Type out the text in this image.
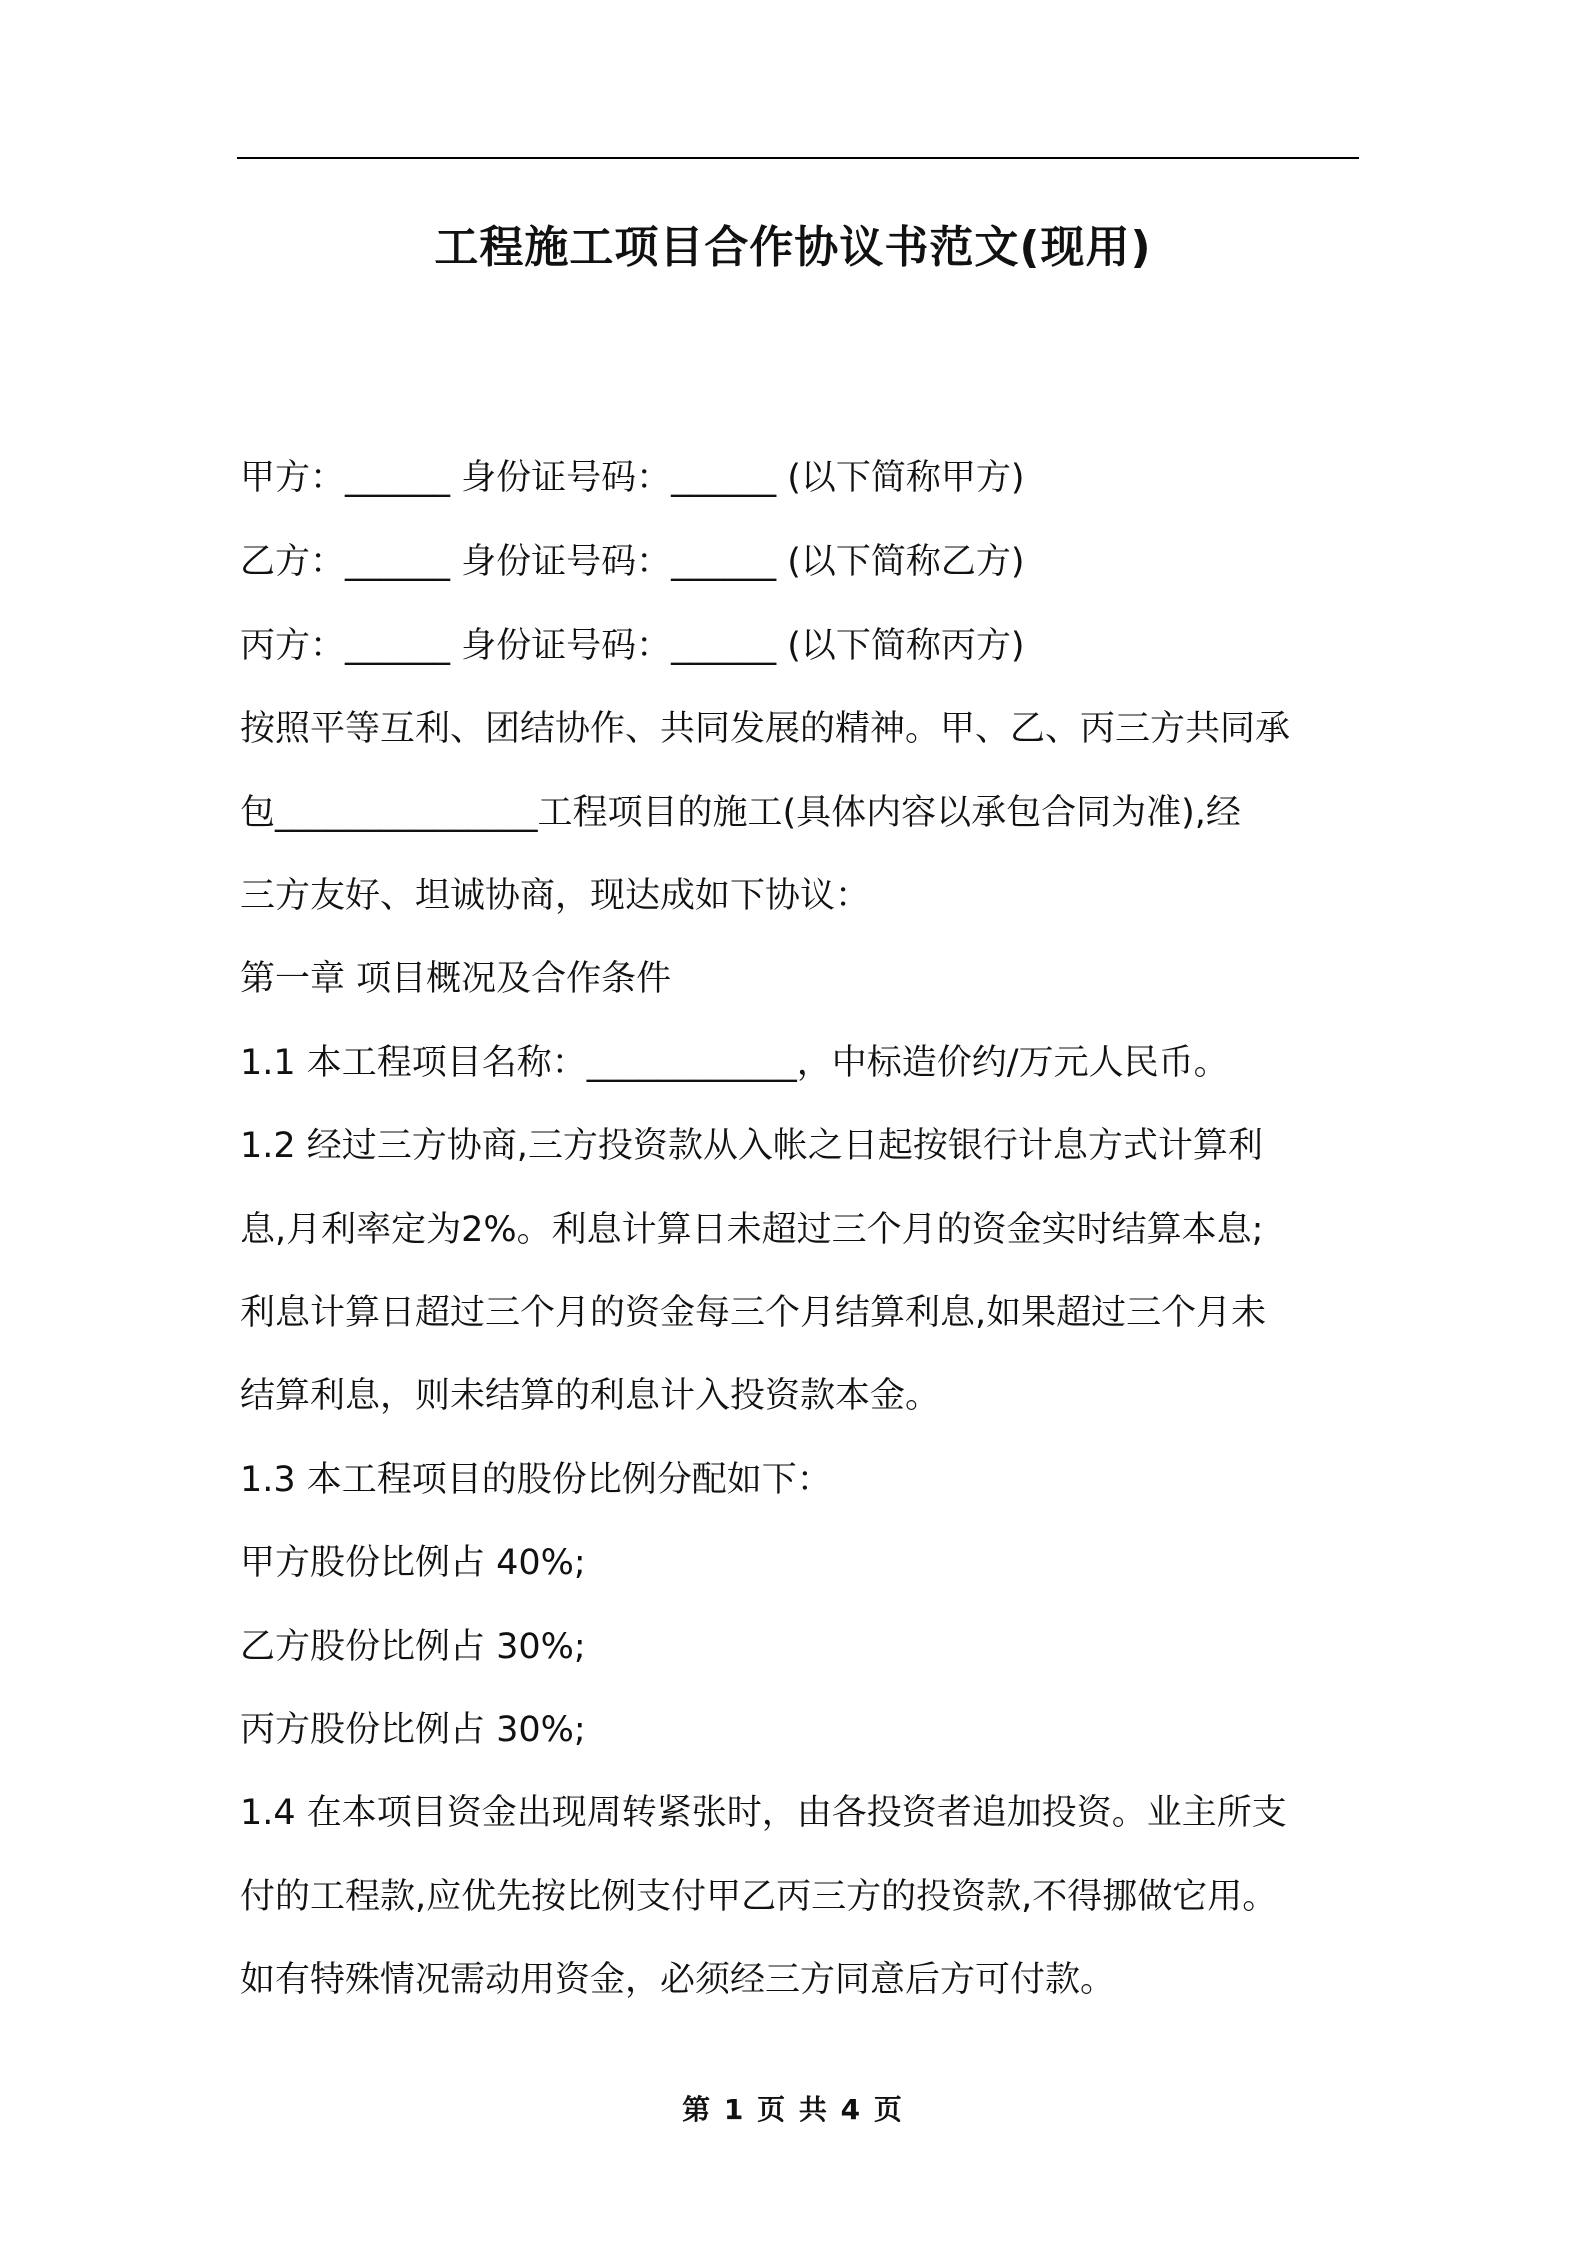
工程施工项目合作协议书范文(现用)

甲方：______ 身份证号码：______ (以下简称甲方)

乙方：______ 身份证号码：______ (以下简称乙方)

丙方：______ 身份证号码：______ (以下简称丙方)

按照平等互利、团结协作、共同发展的精神。甲、乙、丙三方共同承

包_______________工程项目的施工(具体内容以承包合同为准),经

三方友好、坦诚协商，现达成如下协议：

第一章 项目概况及合作条件

1.1 本工程项目名称：____________，中标造价约/万元人民币。

1.2 经过三方协商,三方投资款从入帐之日起按银行计息方式计算利

息,月利率定为2%。利息计算日未超过三个月的资金实时结算本息;

利息计算日超过三个月的资金每三个月结算利息,如果超过三个月未

结算利息，则未结算的利息计入投资款本金。

1.3 本工程项目的股份比例分配如下：

甲方股份比例占 40%;

乙方股份比例占 30%;

丙方股份比例占 30%;

1.4 在本项目资金出现周转紧张时，由各投资者追加投资。业主所支

付的工程款,应优先按比例支付甲乙丙三方的投资款,不得挪做它用。

如有特殊情况需动用资金，必须经三方同意后方可付款。

第 1 页 共 4 页
